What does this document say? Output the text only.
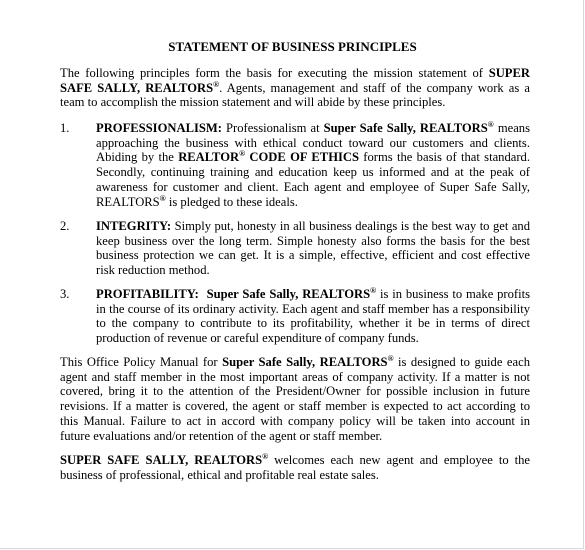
STATEMENT OF BUSINESS PRINCIPLES
The following principles form the basis for executing the mission statement of SUPER SAFE SALLY, REALTORS®. Agents, management and staff of the company work as a team to accomplish the mission statement and will abide by these principles.
1.	PROFESSIONALISM: Professionalism at Super Safe Sally, REALTORS® means approaching the business with ethical conduct toward our customers and clients. Abiding by the REALTOR® CODE OF ETHICS forms the basis of that standard. Secondly, continuing training and education keep us informed and at the peak of awareness for customer and client. Each agent and employee of Super Safe Sally, REALTORS® is pledged to these ideals.
2.	INTEGRITY: Simply put, honesty in all business dealings is the best way to get and keep business over the long term. Simple honesty also forms the basis for the best business protection we can get. It is a simple, effective, efficient and cost effective risk reduction method.
3.	PROFITABILITY: Super Safe Sally, REALTORS® is in business to make profits in the course of its ordinary activity. Each agent and staff member has a responsibility to the company to contribute to its profitability, whether it be in terms of direct production of revenue or careful expenditure of company funds.
This Office Policy Manual for Super Safe Sally, REALTORS® is designed to guide each agent and staff member in the most important areas of company activity. If a matter is not covered, bring it to the attention of the President/Owner for possible inclusion in future revisions. If a matter is covered, the agent or staff member is expected to act according to this Manual. Failure to act in accord with company policy will be taken into account in future evaluations and/or retention of the agent or staff member.
SUPER SAFE SALLY, REALTORS® welcomes each new agent and employee to the business of professional, ethical and profitable real estate sales.
